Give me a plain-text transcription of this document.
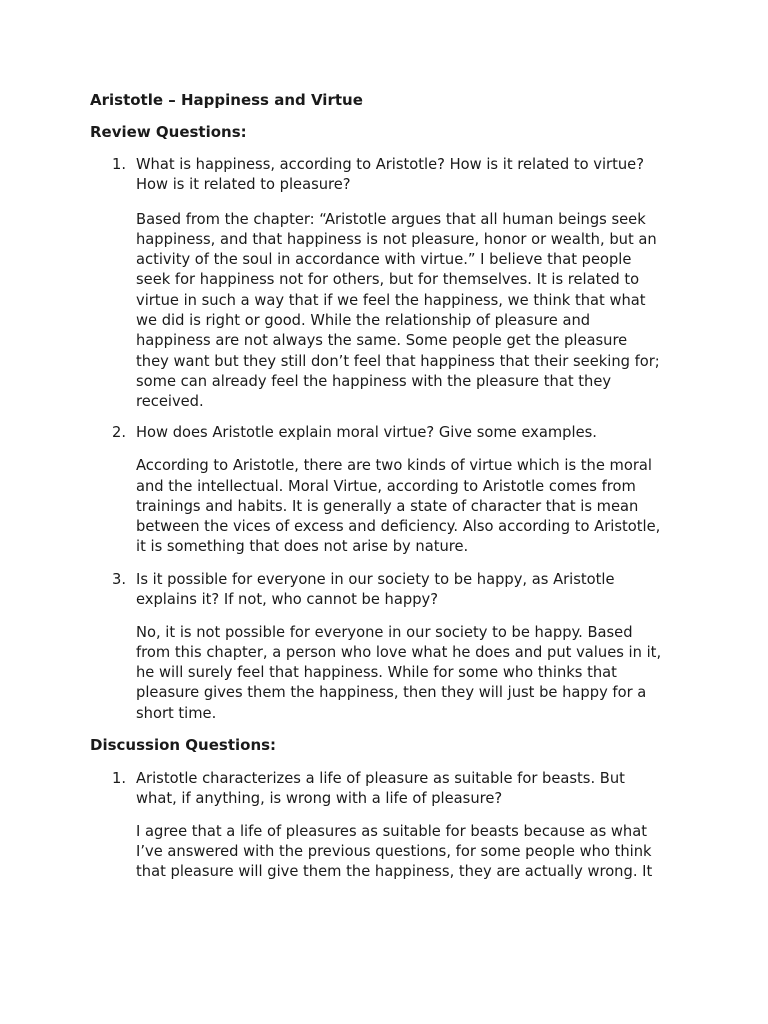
Aristotle – Happiness and Virtue
Review Questions:
1. What is happiness, according to Aristotle? How is it related to virtue?
How is it related to pleasure?
Based from the chapter: “Aristotle argues that all human beings seek
happiness, and that happiness is not pleasure, honor or wealth, but an
activity of the soul in accordance with virtue.” I believe that people
seek for happiness not for others, but for themselves. It is related to
virtue in such a way that if we feel the happiness, we think that what
we did is right or good. While the relationship of pleasure and
happiness are not always the same. Some people get the pleasure
they want but they still don’t feel that happiness that their seeking for;
some can already feel the happiness with the pleasure that they
received.
2. How does Aristotle explain moral virtue? Give some examples.
According to Aristotle, there are two kinds of virtue which is the moral
and the intellectual. Moral Virtue, according to Aristotle comes from
trainings and habits. It is generally a state of character that is mean
between the vices of excess and deficiency. Also according to Aristotle,
it is something that does not arise by nature.
3. Is it possible for everyone in our society to be happy, as Aristotle
explains it? If not, who cannot be happy?
No, it is not possible for everyone in our society to be happy. Based
from this chapter, a person who love what he does and put values in it,
he will surely feel that happiness. While for some who thinks that
pleasure gives them the happiness, then they will just be happy for a
short time.
Discussion Questions:
1. Aristotle characterizes a life of pleasure as suitable for beasts. But
what, if anything, is wrong with a life of pleasure?
I agree that a life of pleasures as suitable for beasts because as what
I’ve answered with the previous questions, for some people who think
that pleasure will give them the happiness, they are actually wrong. It
